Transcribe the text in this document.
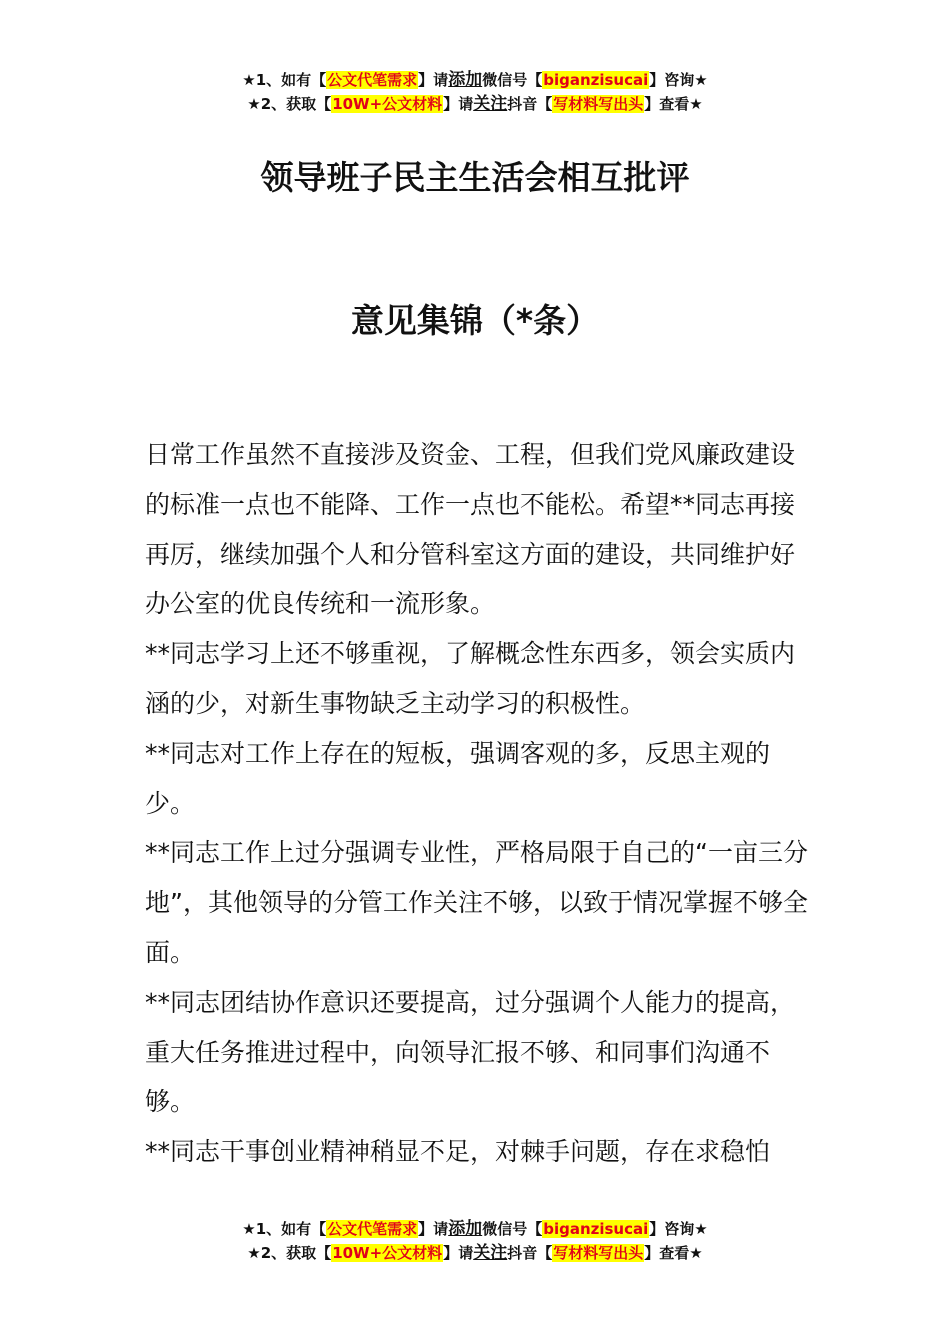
★1、如有【公文代笔需求】请添加微信号【biganzisucai】咨询★
★2、获取【10W+公文材料】请关注抖音【写材料写出头】查看★
领导班子民主生活会相互批评
意见集锦（*条）

日常工作虽然不直接涉及资金、工程，但我们党风廉政建设的标准一点也不能降、工作一点也不能松。希望**同志再接再厉，继续加强个人和分管科室这方面的建设，共同维护好办公室的优良传统和一流形象。

**同志学习上还不够重视，了解概念性东西多，领会实质内涵的少，对新生事物缺乏主动学习的积极性。

**同志对工作上存在的短板，强调客观的多，反思主观的少。

**同志工作上过分强调专业性，严格局限于自己的“一亩三分地”，其他领导的分管工作关注不够，以致于情况掌握不够全面。

**同志团结协作意识还要提高，过分强调个人能力的提高，重大任务推进过程中，向领导汇报不够、和同事们沟通不够。

**同志干事创业精神稍显不足，对棘手问题，存在求稳怕

★1、如有【公文代笔需求】请添加微信号【biganzisucai】咨询★
★2、获取【10W+公文材料】请关注抖音【写材料写出头】查看★
